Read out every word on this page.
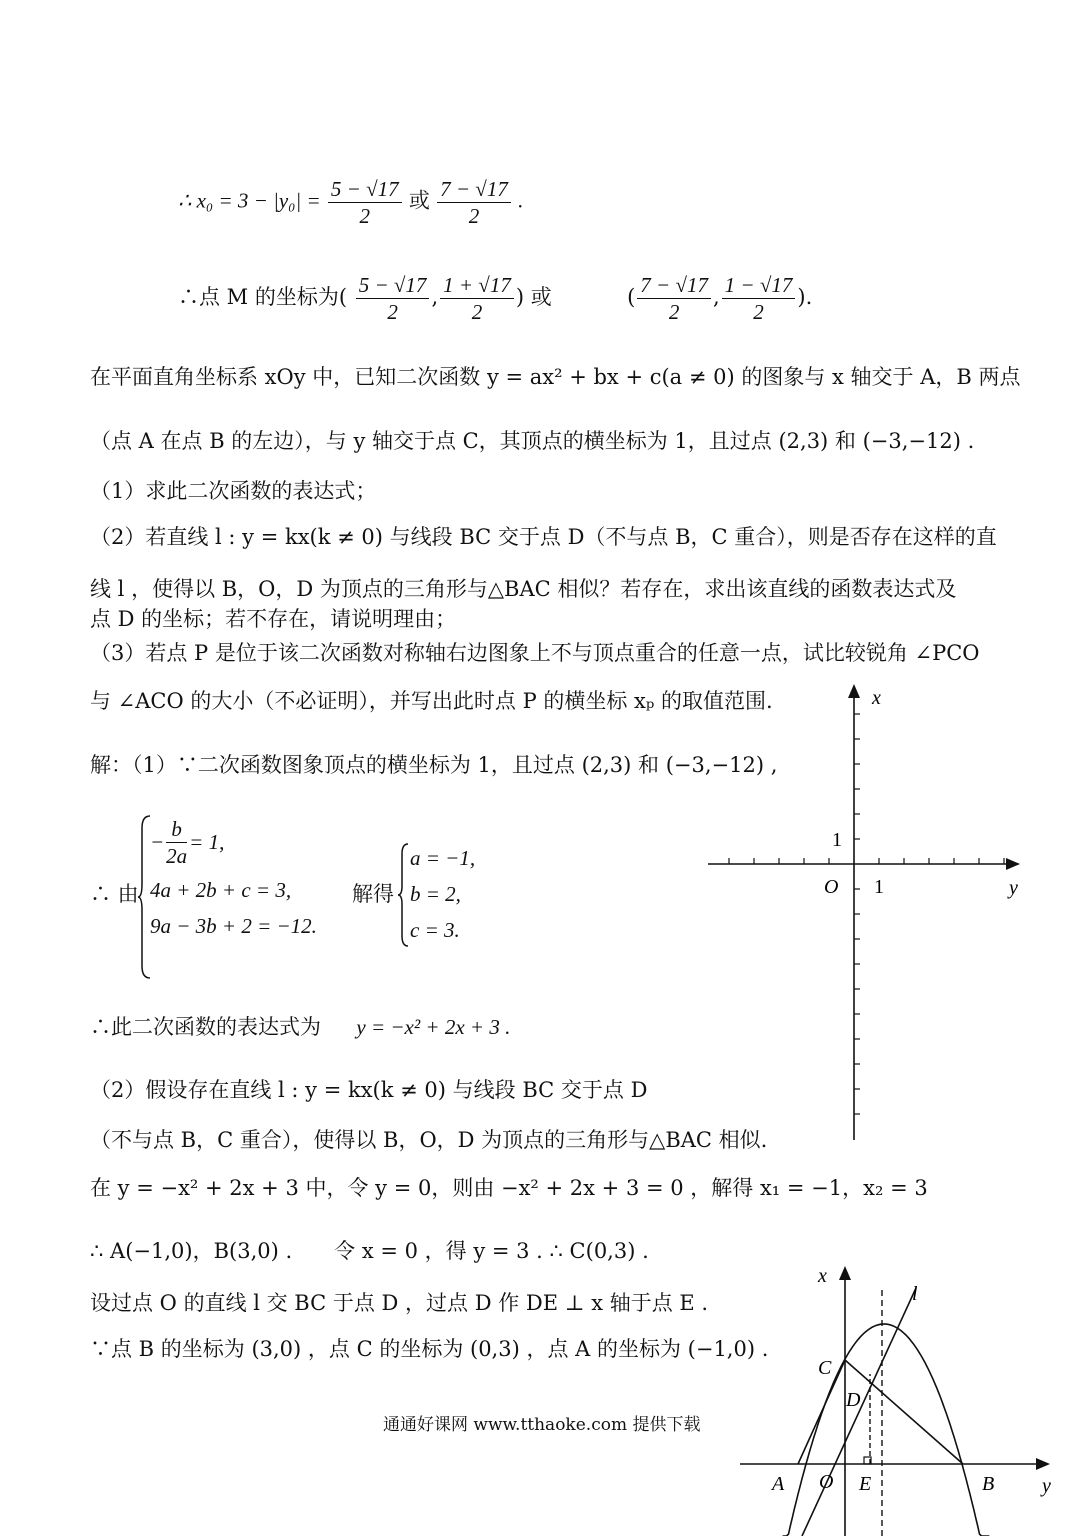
∴ $x_0 = 3 - |y_0| = \frac{5 - √17}{2}$ 或 $\frac{7 - √17}{2}$ .
∴点 M 的坐标为( $\frac{5 - √17}{2}$ , $\frac{1 + √17}{2}$ ) 或	( $\frac{7 - √17}{2}$ , $\frac{1 - √17}{2}$ ).
在平面直角坐标系 xOy 中，已知二次函数 y = ax² + bx + c(a ≠ 0) 的图象与 x 轴交于 A，B 两点
（点 A 在点 B 的左边），与 y 轴交于点 C，其顶点的横坐标为 1，且过点 (2,3) 和 (−3,−12) .
（1）求此二次函数的表达式；
（2）若直线 l : y = kx(k ≠ 0) 与线段 BC 交于点 D（不与点 B，C 重合），则是否存在这样的直
线 l ，使得以 B，O，D 为顶点的三角形与△BAC 相似？若存在，求出该直线的函数表达式及
点 D 的坐标；若不存在，请说明理由；
（3）若点 P 是位于该二次函数对称轴右边图象上不与顶点重合的任意一点，试比较锐角 ∠PCO
与 ∠ACO 的大小（不必证明），并写出此时点 P 的横坐标 xₚ 的取值范围.
解：（1）∵二次函数图象顶点的横坐标为 1，且过点 (2,3) 和 (−3,−12) ,
∴ 由
− $\frac{b}{2a} = 1$,
4a + 2b + c = 3,
9a − 3b + 2 = −12.
解得
a = −1,
b = 2,
c = 3.
∴此二次函数的表达式为 y = −x² + 2x + 3 .
（2）假设存在直线 l : y = kx(k ≠ 0) 与线段 BC 交于点 D
（不与点 B，C 重合），使得以 B，O，D 为顶点的三角形与△BAC 相似.
在 y = −x² + 2x + 3 中，令 y = 0，则由 −x² + 2x + 3 = 0 ，解得 x₁ = −1，x₂ = 3
∴ A(−1,0)，B(3,0) .　　令 x = 0 ，得 y = 3 . ∴ C(0,3) .
设过点 O 的直线 l 交 BC 于点 D ，过点 D 作 DE ⊥ x 轴于点 E .
∵点 B 的坐标为 (3,0) ，点 C 的坐标为 (0,3) ，点 A 的坐标为 (−1,0) .
通通好课网 www.tthaoke.com 提供下载
x
y
O
1
1
x
y
O
A	B
C
D
E
l
